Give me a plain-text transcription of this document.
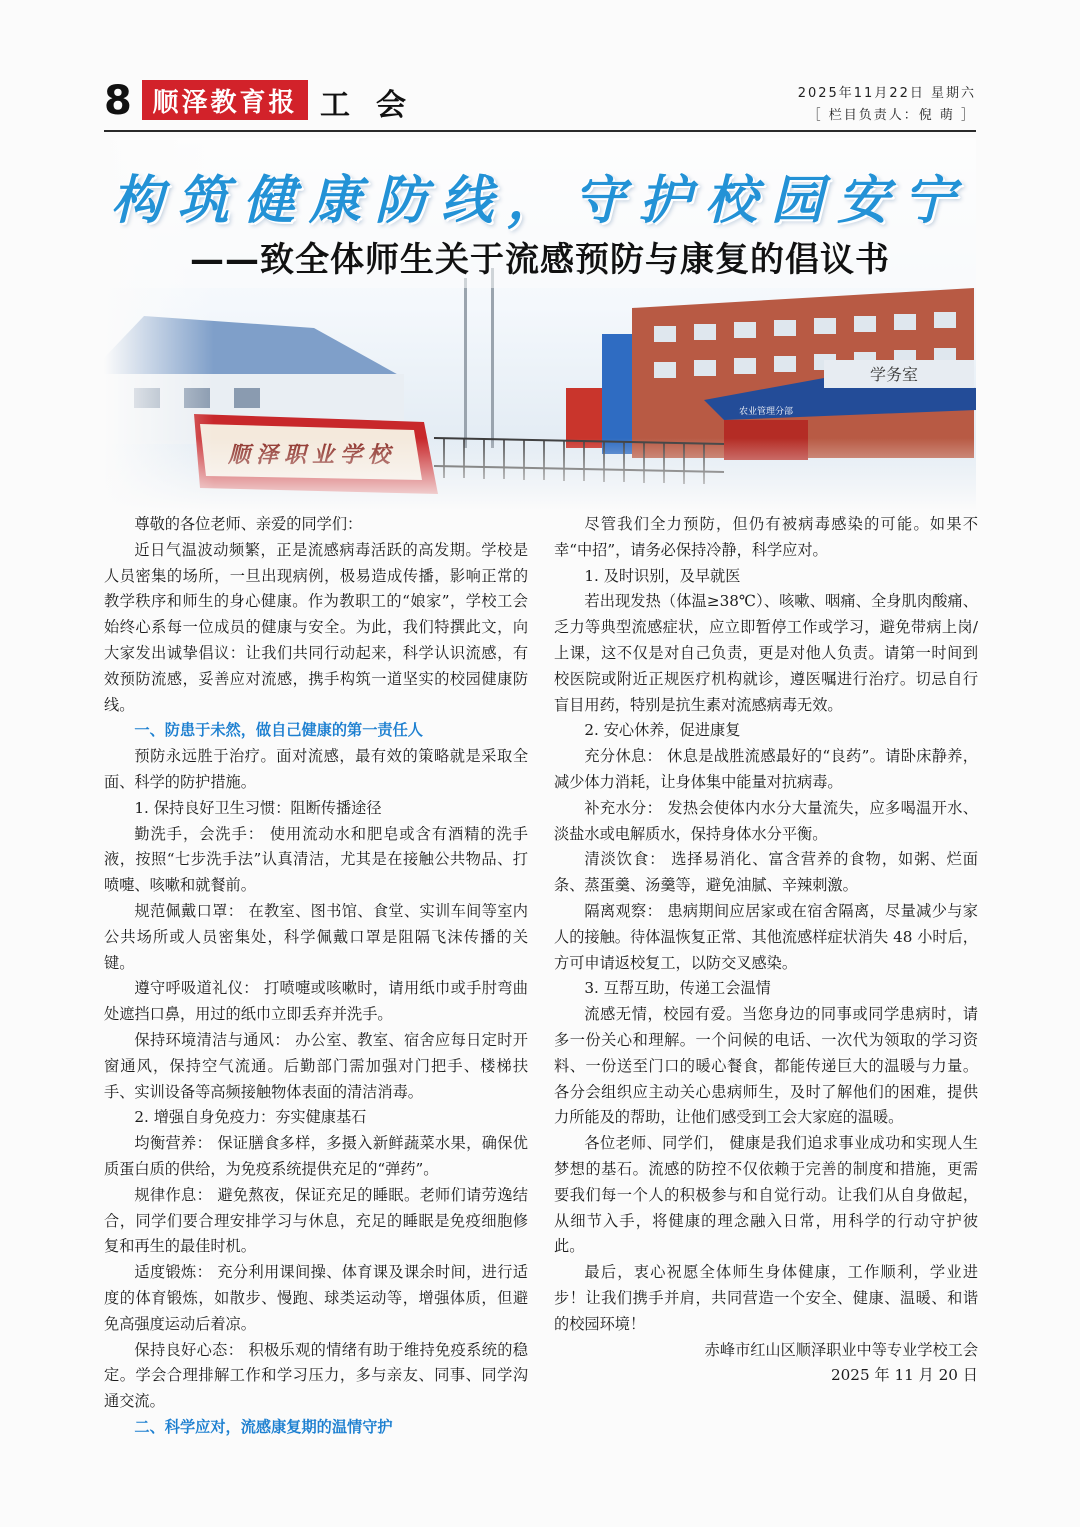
8 顺泽教育报 工会	2025年11月22日 星期六
［ 栏目负责人：倪 萌 ］
学务室
农业管理分部
构筑健康防线，守护校园安宁
——致全体师生关于流感预防与康复的倡议书

尊敬的各位老师、亲爱的同学们：

近日气温波动频繁，正是流感病毒活跃的高发期。学校是人员密集的场所，一旦出现病例，极易造成传播，影响正常的教学秩序和师生的身心健康。作为教职工的“娘家”，学校工会始终心系每一位成员的健康与安全。为此，我们特撰此文，向大家发出诚挚倡议：让我们共同行动起来，科学认识流感，有效预防流感，妥善应对流感，携手构筑一道坚实的校园健康防线。

一、防患于未然，做自己健康的第一责任人

预防永远胜于治疗。面对流感，最有效的策略就是采取全面、科学的防护措施。

1. 保持良好卫生习惯：阻断传播途径

勤洗手，会洗手： 使用流动水和肥皂或含有酒精的洗手液，按照“七步洗手法”认真清洁，尤其是在接触公共物品、打喷嚏、咳嗽和就餐前。

规范佩戴口罩： 在教室、图书馆、食堂、实训车间等室内公共场所或人员密集处，科学佩戴口罩是阻隔飞沫传播的关键。

遵守呼吸道礼仪： 打喷嚏或咳嗽时，请用纸巾或手肘弯曲处遮挡口鼻，用过的纸巾立即丢弃并洗手。

保持环境清洁与通风： 办公室、教室、宿舍应每日定时开窗通风，保持空气流通。后勤部门需加强对门把手、楼梯扶手、实训设备等高频接触物体表面的清洁消毒。

2. 增强自身免疫力：夯实健康基石

均衡营养： 保证膳食多样，多摄入新鲜蔬菜水果，确保优质蛋白质的供给，为免疫系统提供充足的“弹药”。

规律作息： 避免熬夜，保证充足的睡眠。老师们请劳逸结合，同学们要合理安排学习与休息，充足的睡眠是免疫细胞修复和再生的最佳时机。

适度锻炼： 充分利用课间操、体育课及课余时间，进行适度的体育锻炼，如散步、慢跑、球类运动等，增强体质，但避免高强度运动后着凉。

保持良好心态： 积极乐观的情绪有助于维持免疫系统的稳定。学会合理排解工作和学习压力，多与亲友、同事、同学沟通交流。

二、科学应对，流感康复期的温情守护

尽管我们全力预防，但仍有被病毒感染的可能。如果不幸“中招”，请务必保持冷静，科学应对。

1. 及时识别，及早就医

若出现发热（体温≥38℃）、咳嗽、咽痛、全身肌肉酸痛、乏力等典型流感症状，应立即暂停工作或学习，避免带病上岗/上课，这不仅是对自己负责，更是对他人负责。请第一时间到校医院或附近正规医疗机构就诊，遵医嘱进行治疗。切忌自行盲目用药，特别是抗生素对流感病毒无效。

2. 安心休养，促进康复

充分休息： 休息是战胜流感最好的“良药”。请卧床静养，减少体力消耗，让身体集中能量对抗病毒。

补充水分： 发热会使体内水分大量流失，应多喝温开水、淡盐水或电解质水，保持身体水分平衡。

清淡饮食： 选择易消化、富含营养的食物，如粥、烂面条、蒸蛋羹、汤羹等，避免油腻、辛辣刺激。

隔离观察： 患病期间应居家或在宿舍隔离，尽量减少与家人的接触。待体温恢复正常、其他流感样症状消失 48 小时后，方可申请返校复工，以防交叉感染。

3. 互帮互助，传递工会温情

流感无情，校园有爱。当您身边的同事或同学患病时，请多一份关心和理解。一个问候的电话、一次代为领取的学习资料、一份送至门口的暖心餐食，都能传递巨大的温暖与力量。各分会组织应主动关心患病师生，及时了解他们的困难，提供力所能及的帮助，让他们感受到工会大家庭的温暖。

各位老师、同学们， 健康是我们追求事业成功和实现人生梦想的基石。流感的防控不仅依赖于完善的制度和措施，更需要我们每一个人的积极参与和自觉行动。让我们从自身做起，从细节入手，将健康的理念融入日常，用科学的行动守护彼此。

最后，衷心祝愿全体师生身体健康，工作顺利，学业进步！让我们携手并肩，共同营造一个安全、健康、温暖、和谐的校园环境！

赤峰市红山区顺泽职业中等专业学校工会

2025 年 11 月 20 日
